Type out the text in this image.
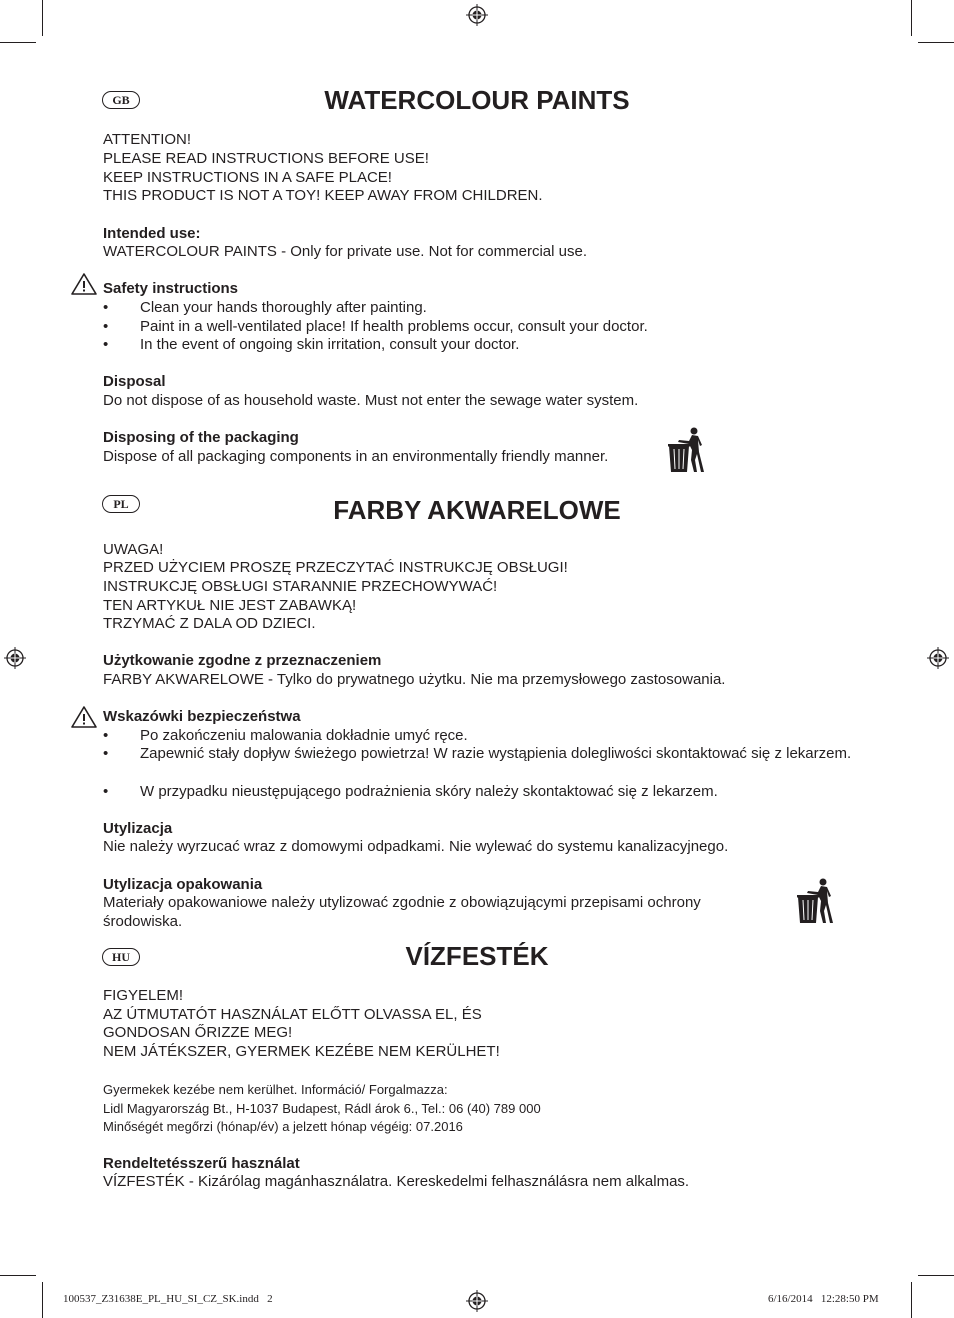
GB	WATERCOLOUR PAINTS
ATTENTION!
PLEASE READ INSTRUCTIONS BEFORE USE!
KEEP INSTRUCTIONS IN A SAFE PLACE!
THIS PRODUCT IS NOT A TOY! KEEP AWAY FROM CHILDREN.
Intended use:
WATERCOLOUR PAINTS - Only for private use. Not for commercial use.
Safety instructions
• Clean your hands thoroughly after painting.
• Paint in a well-ventilated place! If health problems occur, consult your doctor.
• In the event of ongoing skin irritation, consult your doctor.
Disposal
Do not dispose of as household waste. Must not enter the sewage water system.
Disposing of the packaging
Dispose of all packaging components in an environmentally friendly manner.
PL	FARBY AKWARELOWE
UWAGA!
PRZED UŻYCIEM PROSZĘ PRZECZYTAĆ INSTRUKCJĘ OBSŁUGI!
INSTRUKCJĘ OBSŁUGI STARANNIE PRZECHOWYWAĆ!
TEN ARTYKUŁ NIE JEST ZABAWKĄ!
TRZYMAĆ Z DALA OD DZIECI.
Użytkowanie zgodne z przeznaczeniem
FARBY AKWARELOWE - Tylko do prywatnego użytku. Nie ma przemysłowego zastosowania.
Wskazówki bezpieczeństwa
• Po zakończeniu malowania dokładnie umyć ręce.
• Zapewnić stały dopływ świeżego powietrza! W razie wystąpienia dolegliwości skontaktować się z lekarzem.
• W przypadku nieustępującego podrażnienia skóry należy skontaktować się z lekarzem.
Utylizacja
Nie należy wyrzucać wraz z domowymi odpadkami. Nie wylewać do systemu kanalizacyjnego.
Utylizacja opakowania
Materiały opakowaniowe należy utylizować zgodnie z obowiązującymi przepisami ochrony
środowiska.
HU	VÍZFESTÉK
FIGYELEM!
AZ ÚTMUTATÓT HASZNÁLAT ELŐTT OLVASSA EL, ÉS
GONDOSAN ŐRIZZE MEG!
NEM JÁTÉKSZER, GYERMEK KEZÉBE NEM KERÜLHET!
Gyermekek kezébe nem kerülhet. Információ/ Forgalmazza:
Lidl Magyarország Bt., H-1037 Budapest, Rádl árok 6., Tel.: 06 (40) 789 000
Minőségét megőrzi (hónap/év) a jelzett hónap végéig: 07.2016
Rendeltetésszerű használat
VÍZFESTÉK - Kizárólag magánhasználatra. Kereskedelmi felhasználásra nem alkalmas.
100537_Z31638E_PL_HU_SI_CZ_SK.indd   2	6/16/2014   12:28:50 PM
